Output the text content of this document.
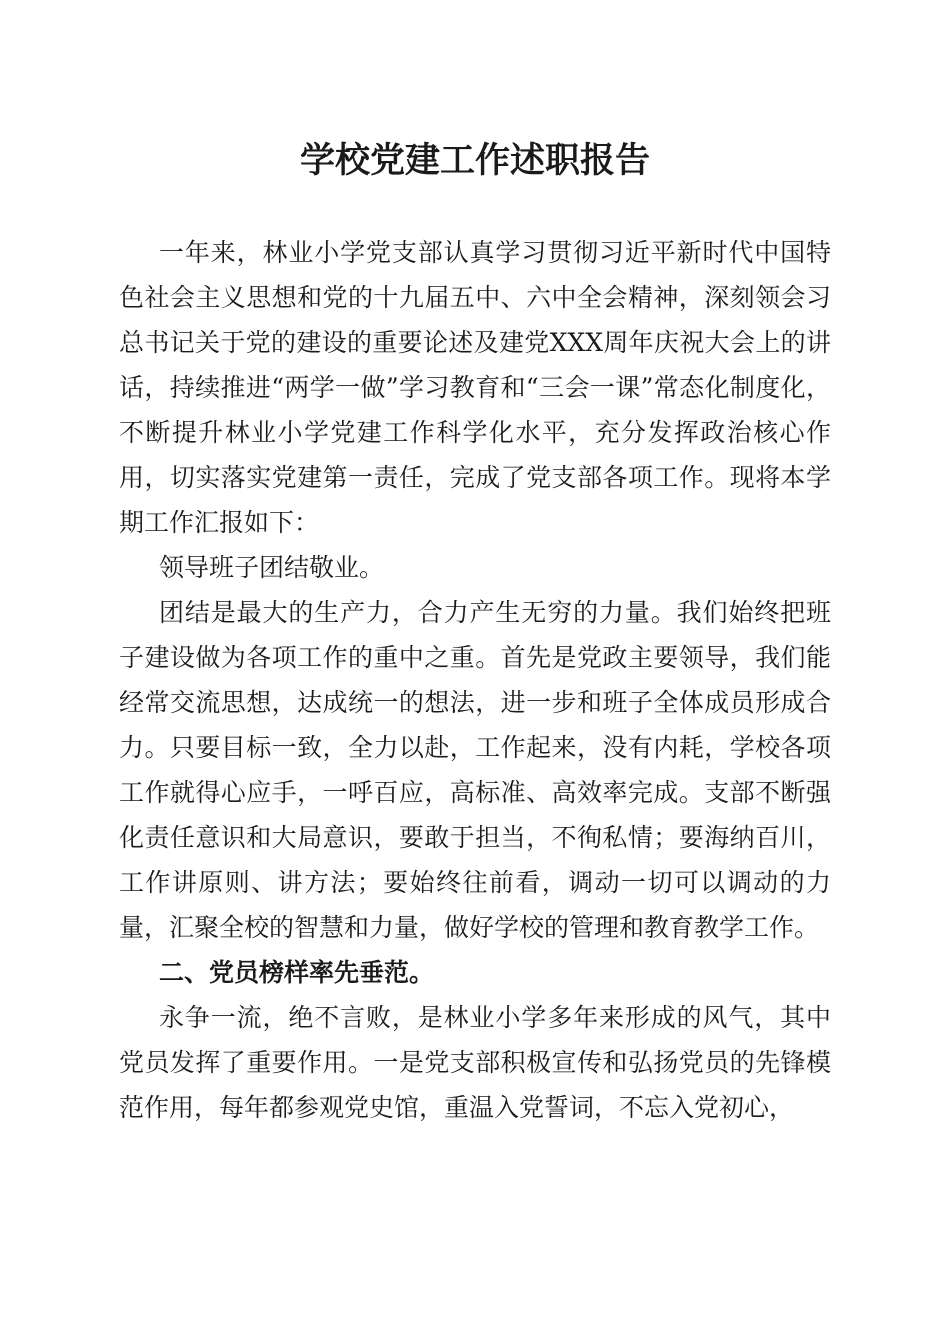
学校党建工作述职报告

一年来，林业小学党支部认真学习贯彻习近平新时代中国特色社会主义思想和党的十九届五中、六中全会精神，深刻领会习总书记关于党的建设的重要论述及建党XXX周年庆祝大会上的讲话，持续推进“两学一做”学习教育和“三会一课”常态化制度化，不断提升林业小学党建工作科学化水平，充分发挥政治核心作用，切实落实党建第一责任，完成了党支部各项工作。现将本学期工作汇报如下：

领导班子团结敬业。

团结是最大的生产力，合力产生无穷的力量。我们始终把班子建设做为各项工作的重中之重。首先是党政主要领导，我们能经常交流思想，达成统一的想法，进一步和班子全体成员形成合力。只要目标一致，全力以赴，工作起来，没有内耗，学校各项工作就得心应手，一呼百应，高标准、高效率完成。支部不断强化责任意识和大局意识，要敢于担当，不徇私情；要海纳百川，工作讲原则、讲方法；要始终往前看，调动一切可以调动的力量，汇聚全校的智慧和力量，做好学校的管理和教育教学工作。

二、党员榜样率先垂范。

永争一流，绝不言败，是林业小学多年来形成的风气，其中党员发挥了重要作用。一是党支部积极宣传和弘扬党员的先锋模范作用，每年都参观党史馆，重温入党誓词，不忘入党初心，
